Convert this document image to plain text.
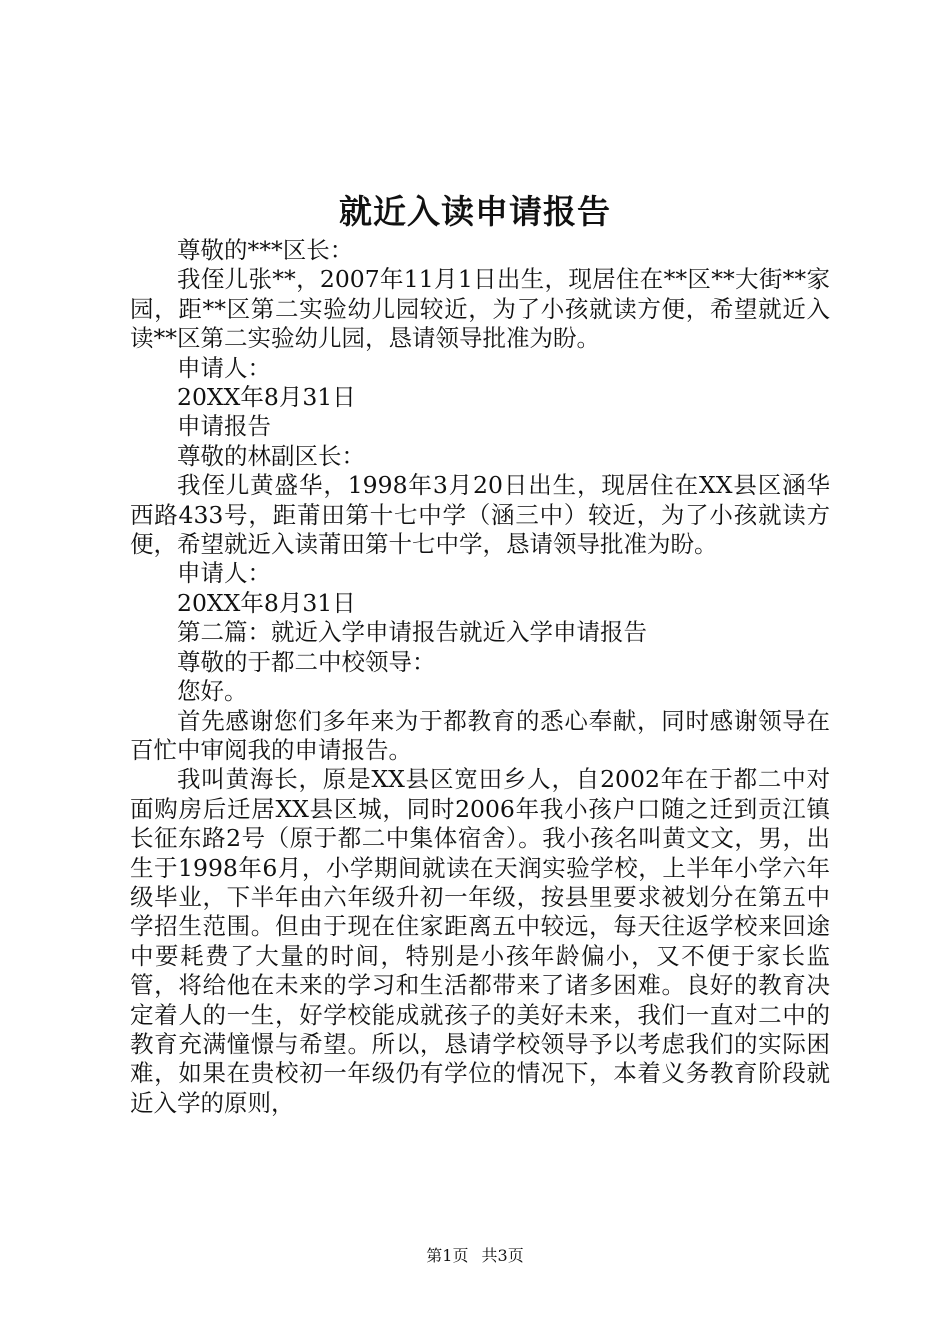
就近入读申请报告

尊敬的***区长：

我侄儿张**，2007年11月1日出生，现居住在**区**大街**家园，距**区第二实验幼儿园较近，为了小孩就读方便，希望就近入读**区第二实验幼儿园，恳请领导批准为盼。

申请人：

20XX年8月31日

申请报告

尊敬的林副区长：

我侄儿黄盛华，1998年3月20日出生，现居住在XX县区涵华西路433号，距莆田第十七中学（涵三中）较近，为了小孩就读方便，希望就近入读莆田第十七中学，恳请领导批准为盼。

申请人：

20XX年8月31日

第二篇：就近入学申请报告就近入学申请报告

尊敬的于都二中校领导：

您好。

首先感谢您们多年来为于都教育的悉心奉献，同时感谢领导在百忙中审阅我的申请报告。

我叫黄海长，原是XX县区宽田乡人，自2002年在于都二中对面购房后迁居XX县区城，同时2006年我小孩户口随之迁到贡江镇长征东路2号（原于都二中集体宿舍）。我小孩名叫黄文文，男，出生于1998年6月，小学期间就读在天润实验学校，上半年小学六年级毕业，下半年由六年级升初一年级，按县里要求被划分在第五中学招生范围。但由于现在住家距离五中较远，每天往返学校来回途中要耗费了大量的时间，特别是小孩年龄偏小，又不便于家长监管，将给他在未来的学习和生活都带来了诸多困难。良好的教育决定着人的一生，好学校能成就孩子的美好未来，我们一直对二中的教育充满憧憬与希望。所以，恳请学校领导予以考虑我们的实际困难，如果在贵校初一年级仍有学位的情况下，本着义务教育阶段就近入学的原则，

第1页 共3页
